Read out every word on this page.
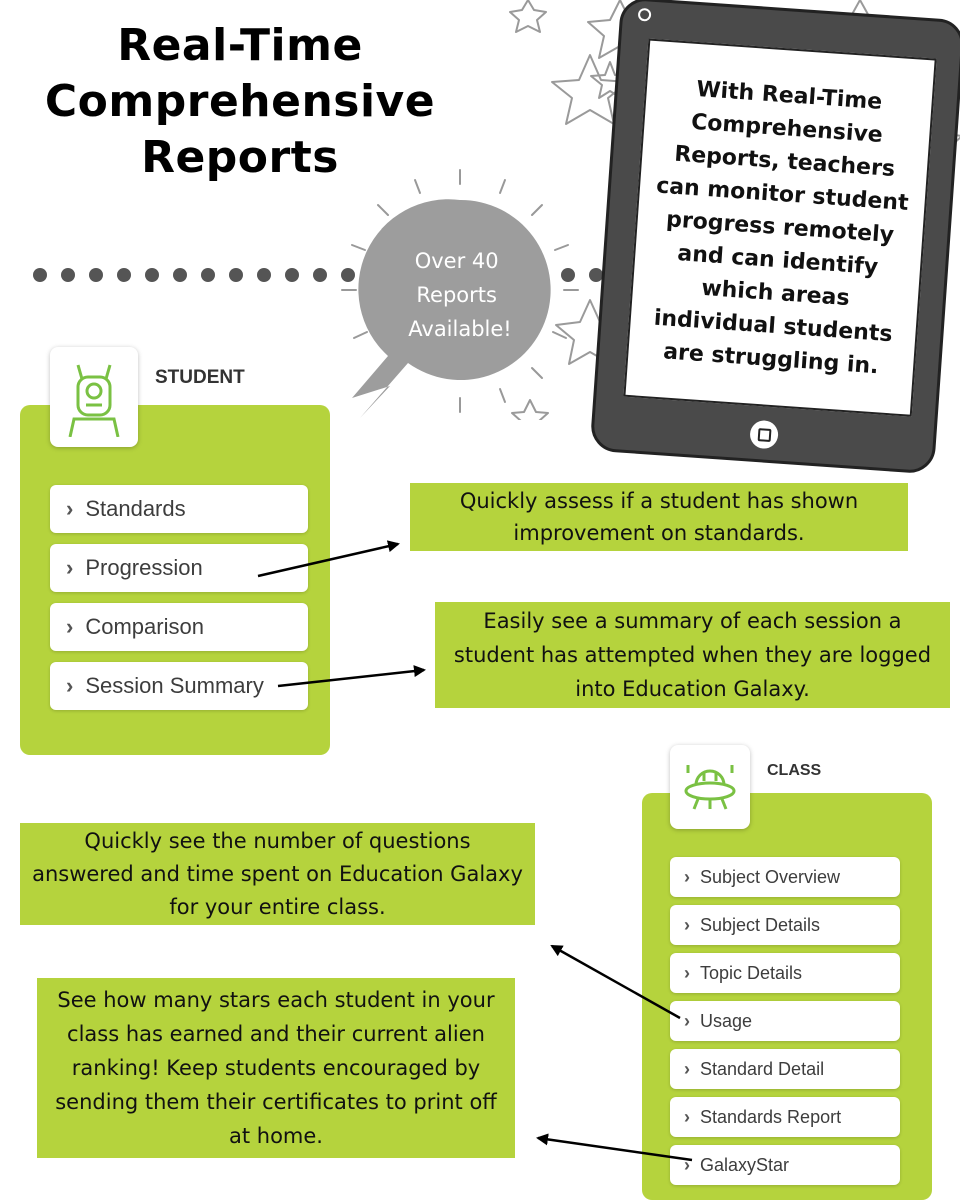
Real-Time
Comprehensive
Reports
Over 40 Reports Available!

With Real-Time Comprehensive Reports, teachers can monitor student progress remotely and can identify which areas individual students are struggling in.

STUDENT
› Standards
› Progression
› Comparison
› Session Summary
CLASS
› Subject Overview
› Subject Details
› Topic Details
› Usage
› Standard Detail
› Standards Report
› GalaxyStar
Quickly assess if a student has shown improvement on standards.
Easily see a summary of each session a student has attempted when they are logged into Education Galaxy.
Quickly see the number of questions answered and time spent on Education Galaxy for your entire class.
See how many stars each student in your class has earned and their current alien ranking! Keep students encouraged by sending them their certificates to print off at home.
